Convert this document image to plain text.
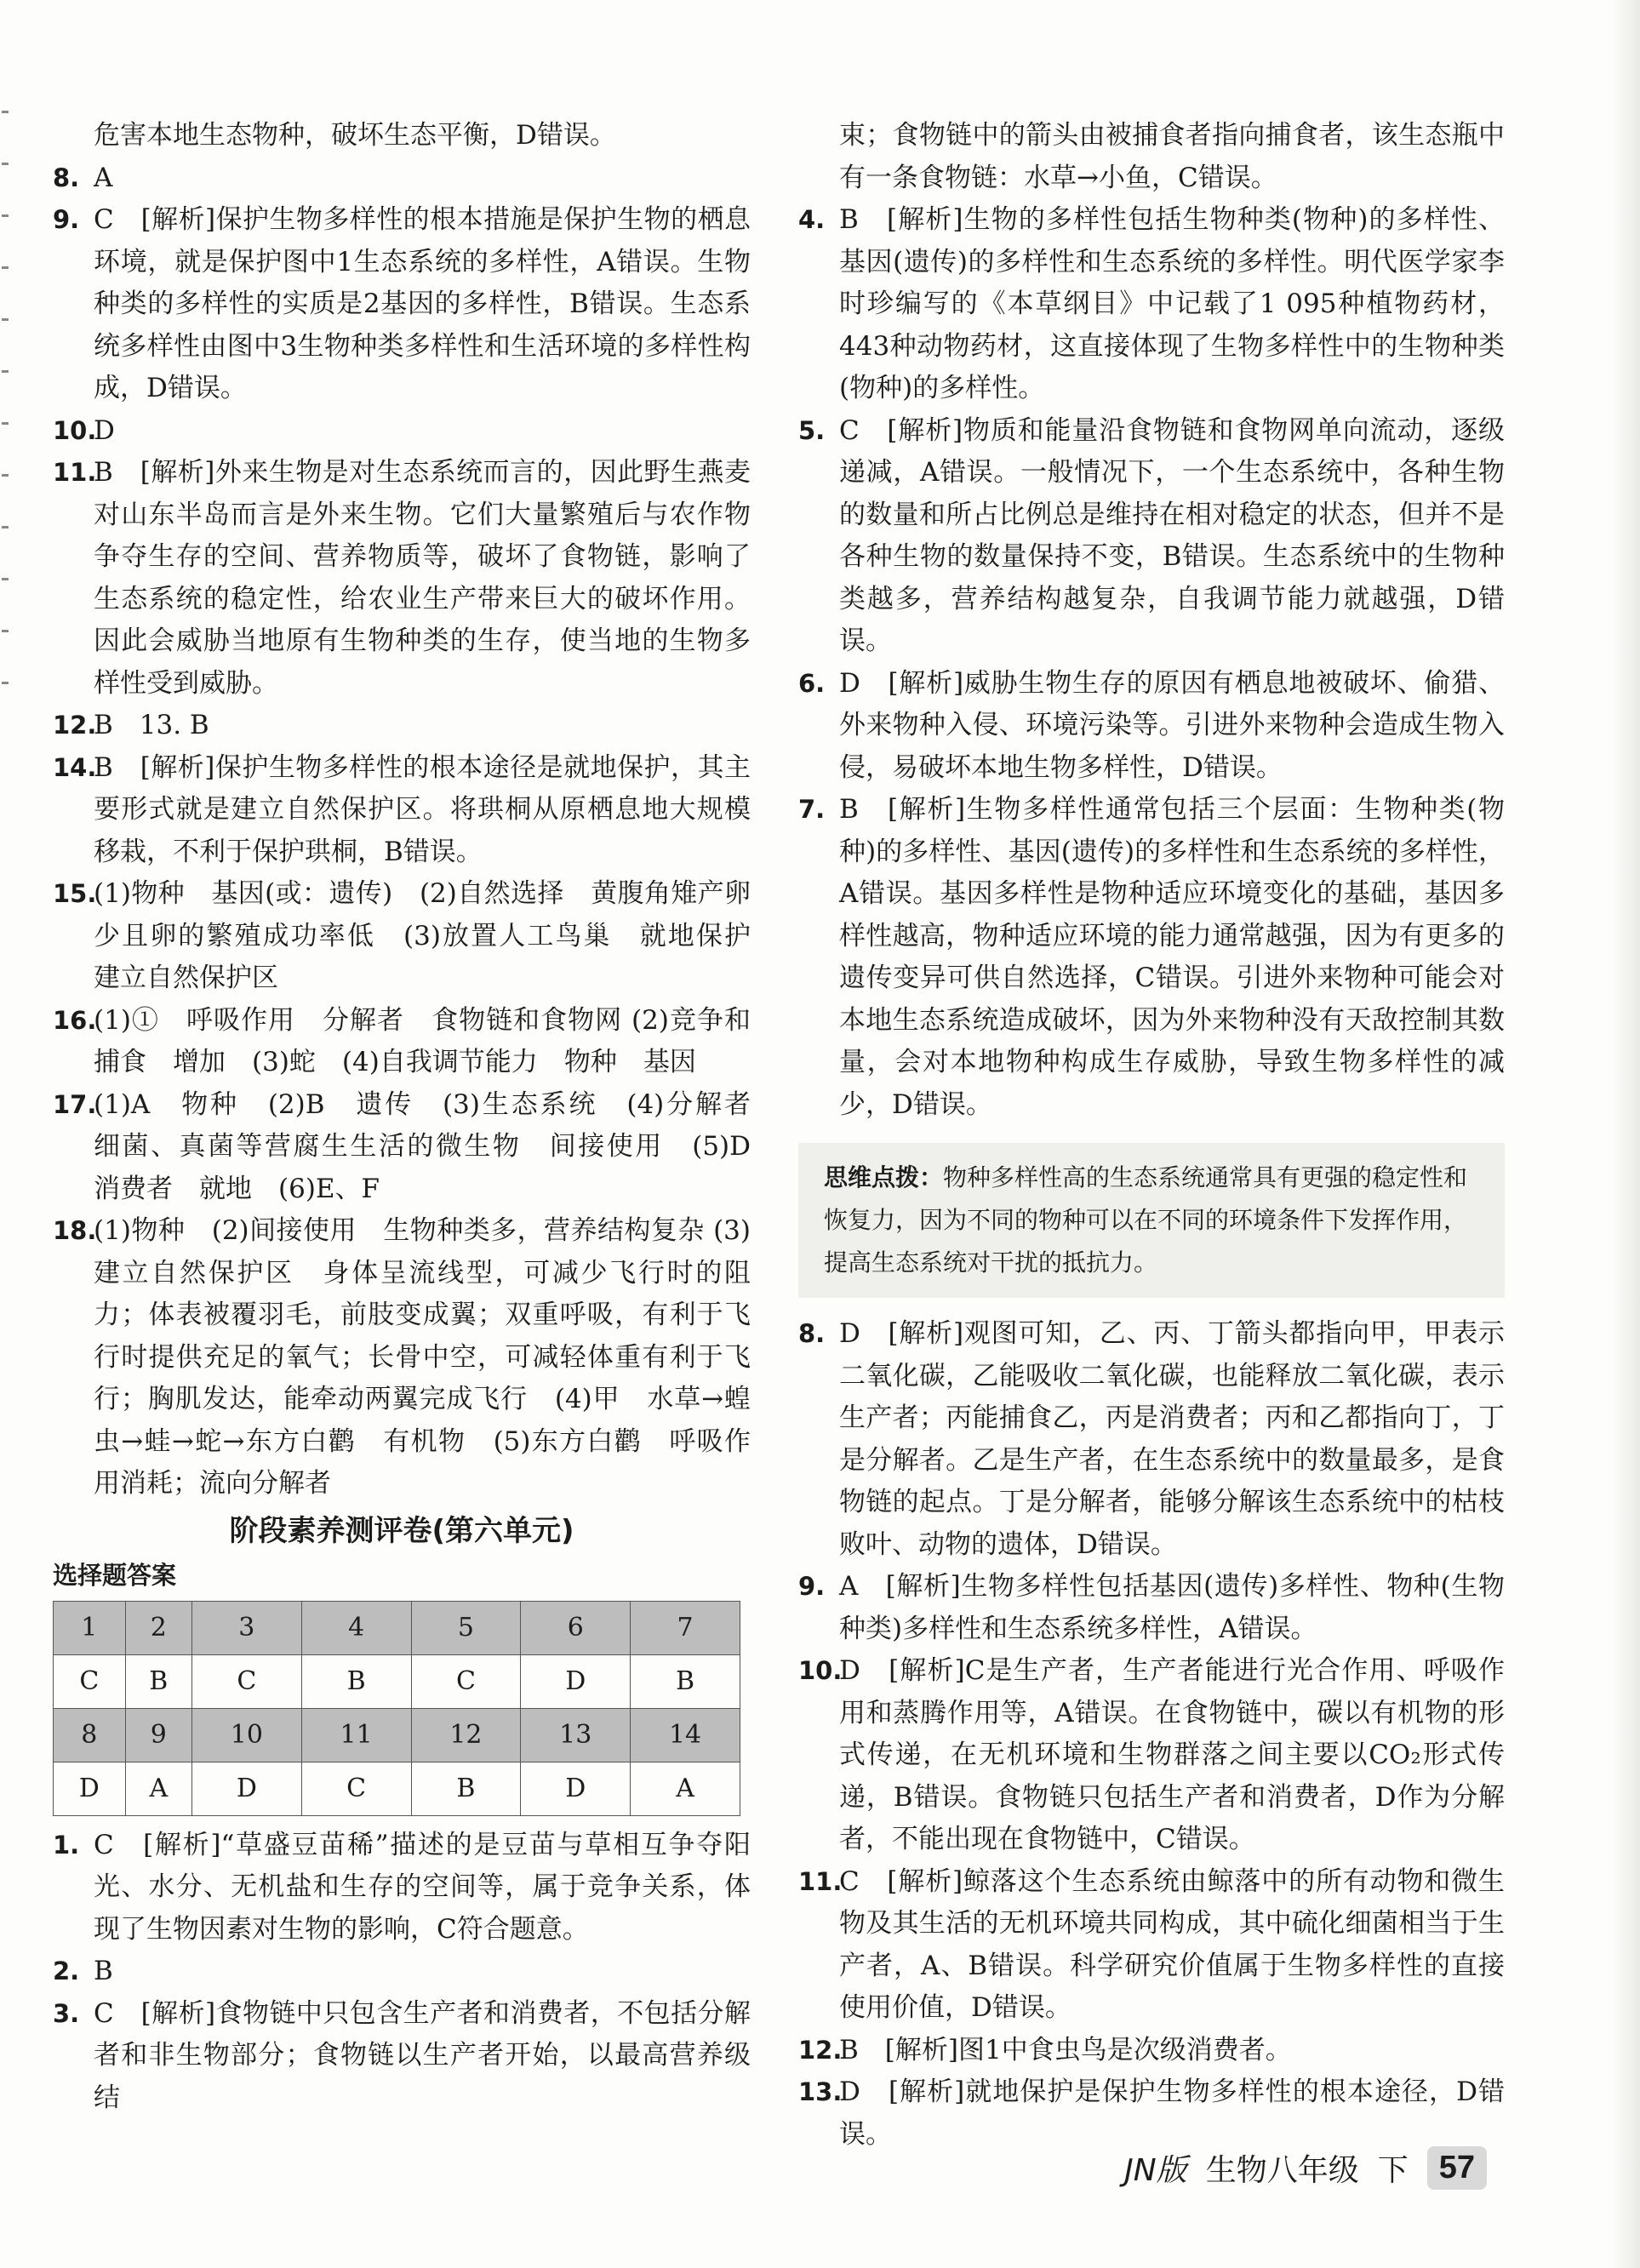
危害本地生态物种，破坏生态平衡，D错误。

8. A

9. C　[解析]保护生物多样性的根本措施是保护生物的栖息环境，就是保护图中1生态系统的多样性，A错误。生物种类的多样性的实质是2基因的多样性，B错误。生态系统多样性由图中3生物种类多样性和生活环境的多样性构成，D错误。

10.

D

11.

B　[解析]外来生物是对生态系统而言的，因此野生燕麦对山东半岛而言是外来生物。它们大量繁殖后与农作物争夺生存的空间、营养物质等，破坏了食物链，影响了生态系统的稳定性，给农业生产带来巨大的破坏作用。因此会威胁当地原有生物种类的生存，使当地的生物多样性受到威胁。

12.

B　13. B

14.

B　[解析]保护生物多样性的根本途径是就地保护，其主要形式就是建立自然保护区。将珙桐从原栖息地大规模移栽，不利于保护珙桐，B错误。

15.

(1)物种　基因(或：遗传)　(2)自然选择　黄腹角雉产卵少且卵的繁殖成功率低　(3)放置人工鸟巢　就地保护　建立自然保护区

16.

(1)①　呼吸作用　分解者　食物链和食物网 (2)竞争和捕食　增加　(3)蛇　(4)自我调节能力　物种　基因

17.

(1)A　物种　(2)B　遗传　(3)生态系统　(4)分解者　细菌、真菌等营腐生生活的微生物　间接使用　(5)D　消费者　就地　(6)E、F

18.

(1)物种　(2)间接使用　生物种类多，营养结构复杂 (3)建立自然保护区　身体呈流线型，可减少飞行时的阻力；体表被覆羽毛，前肢变成翼；双重呼吸，有利于飞行时提供充足的氧气；长骨中空，可减轻体重有利于飞行；胸肌发达，能牵动两翼完成飞行　(4)甲　水草→蝗虫→蛙→蛇→东方白鹳　有机物　(5)东方白鹳　呼吸作用消耗；流向分解者

阶段素养测评卷(第六单元)
选择题答案
1	2	3	4	5	6	7
C	B	C	B	C	D	B
8	9	10	11	12	13	14
D	A	D	C	B	D	A
1. C　[解析]“草盛豆苗稀”描述的是豆苗与草相互争夺阳光、水分、无机盐和生存的空间等，属于竞争关系，体现了生物因素对生物的影响，C符合题意。

2. B

3. C　[解析]食物链中只包含生产者和消费者，不包括分解者和非生物部分；食物链以生产者开始，以最高营养级结

束；食物链中的箭头由被捕食者指向捕食者，该生态瓶中有一条食物链：水草→小鱼，C错误。

4. B　[解析]生物的多样性包括生物种类(物种)的多样性、基因(遗传)的多样性和生态系统的多样性。明代医学家李时珍编写的《本草纲目》中记载了1 095种植物药材，443种动物药材，这直接体现了生物多样性中的生物种类(物种)的多样性。

5. C　[解析]物质和能量沿食物链和食物网单向流动，逐级递减，A错误。一般情况下，一个生态系统中，各种生物的数量和所占比例总是维持在相对稳定的状态，但并不是各种生物的数量保持不变，B错误。生态系统中的生物种类越多，营养结构越复杂，自我调节能力就越强，D错误。

6. D　[解析]威胁生物生存的原因有栖息地被破坏、偷猎、外来物种入侵、环境污染等。引进外来物种会造成生物入侵，易破坏本地生物多样性，D错误。

7. B　[解析]生物多样性通常包括三个层面：生物种类(物种)的多样性、基因(遗传)的多样性和生态系统的多样性，A错误。基因多样性是物种适应环境变化的基础，基因多样性越高，物种适应环境的能力通常越强，因为有更多的遗传变异可供自然选择，C错误。引进外来物种可能会对本地生态系统造成破坏，因为外来物种没有天敌控制其数量，会对本地物种构成生存威胁，导致生物多样性的减少，D错误。

思维点拨：物种多样性高的生态系统通常具有更强的稳定性和恢复力，因为不同的物种可以在不同的环境条件下发挥作用，提高生态系统对干扰的抵抗力。
8. D　[解析]观图可知，乙、丙、丁箭头都指向甲，甲表示二氧化碳，乙能吸收二氧化碳，也能释放二氧化碳，表示生产者；丙能捕食乙，丙是消费者；丙和乙都指向丁，丁是分解者。乙是生产者，在生态系统中的数量最多，是食物链的起点。丁是分解者，能够分解该生态系统中的枯枝败叶、动物的遗体，D错误。

9. A　[解析]生物多样性包括基因(遗传)多样性、物种(生物种类)多样性和生态系统多样性，A错误。

10.

D　[解析]C是生产者，生产者能进行光合作用、呼吸作用和蒸腾作用等，A错误。在食物链中，碳以有机物的形式传递，在无机环境和生物群落之间主要以CO₂形式传递，B错误。食物链只包括生产者和消费者，D作为分解者，不能出现在食物链中，C错误。

11.

C　[解析]鲸落这个生态系统由鲸落中的所有动物和微生物及其生活的无机环境共同构成，其中硫化细菌相当于生产者，A、B错误。科学研究价值属于生物多样性的直接使用价值，D错误。

12.

B　[解析]图1中食虫鸟是次级消费者。

13.

D　[解析]就地保护是保护生物多样性的根本途径，D错误。

JN版 生物八年级 下 57
